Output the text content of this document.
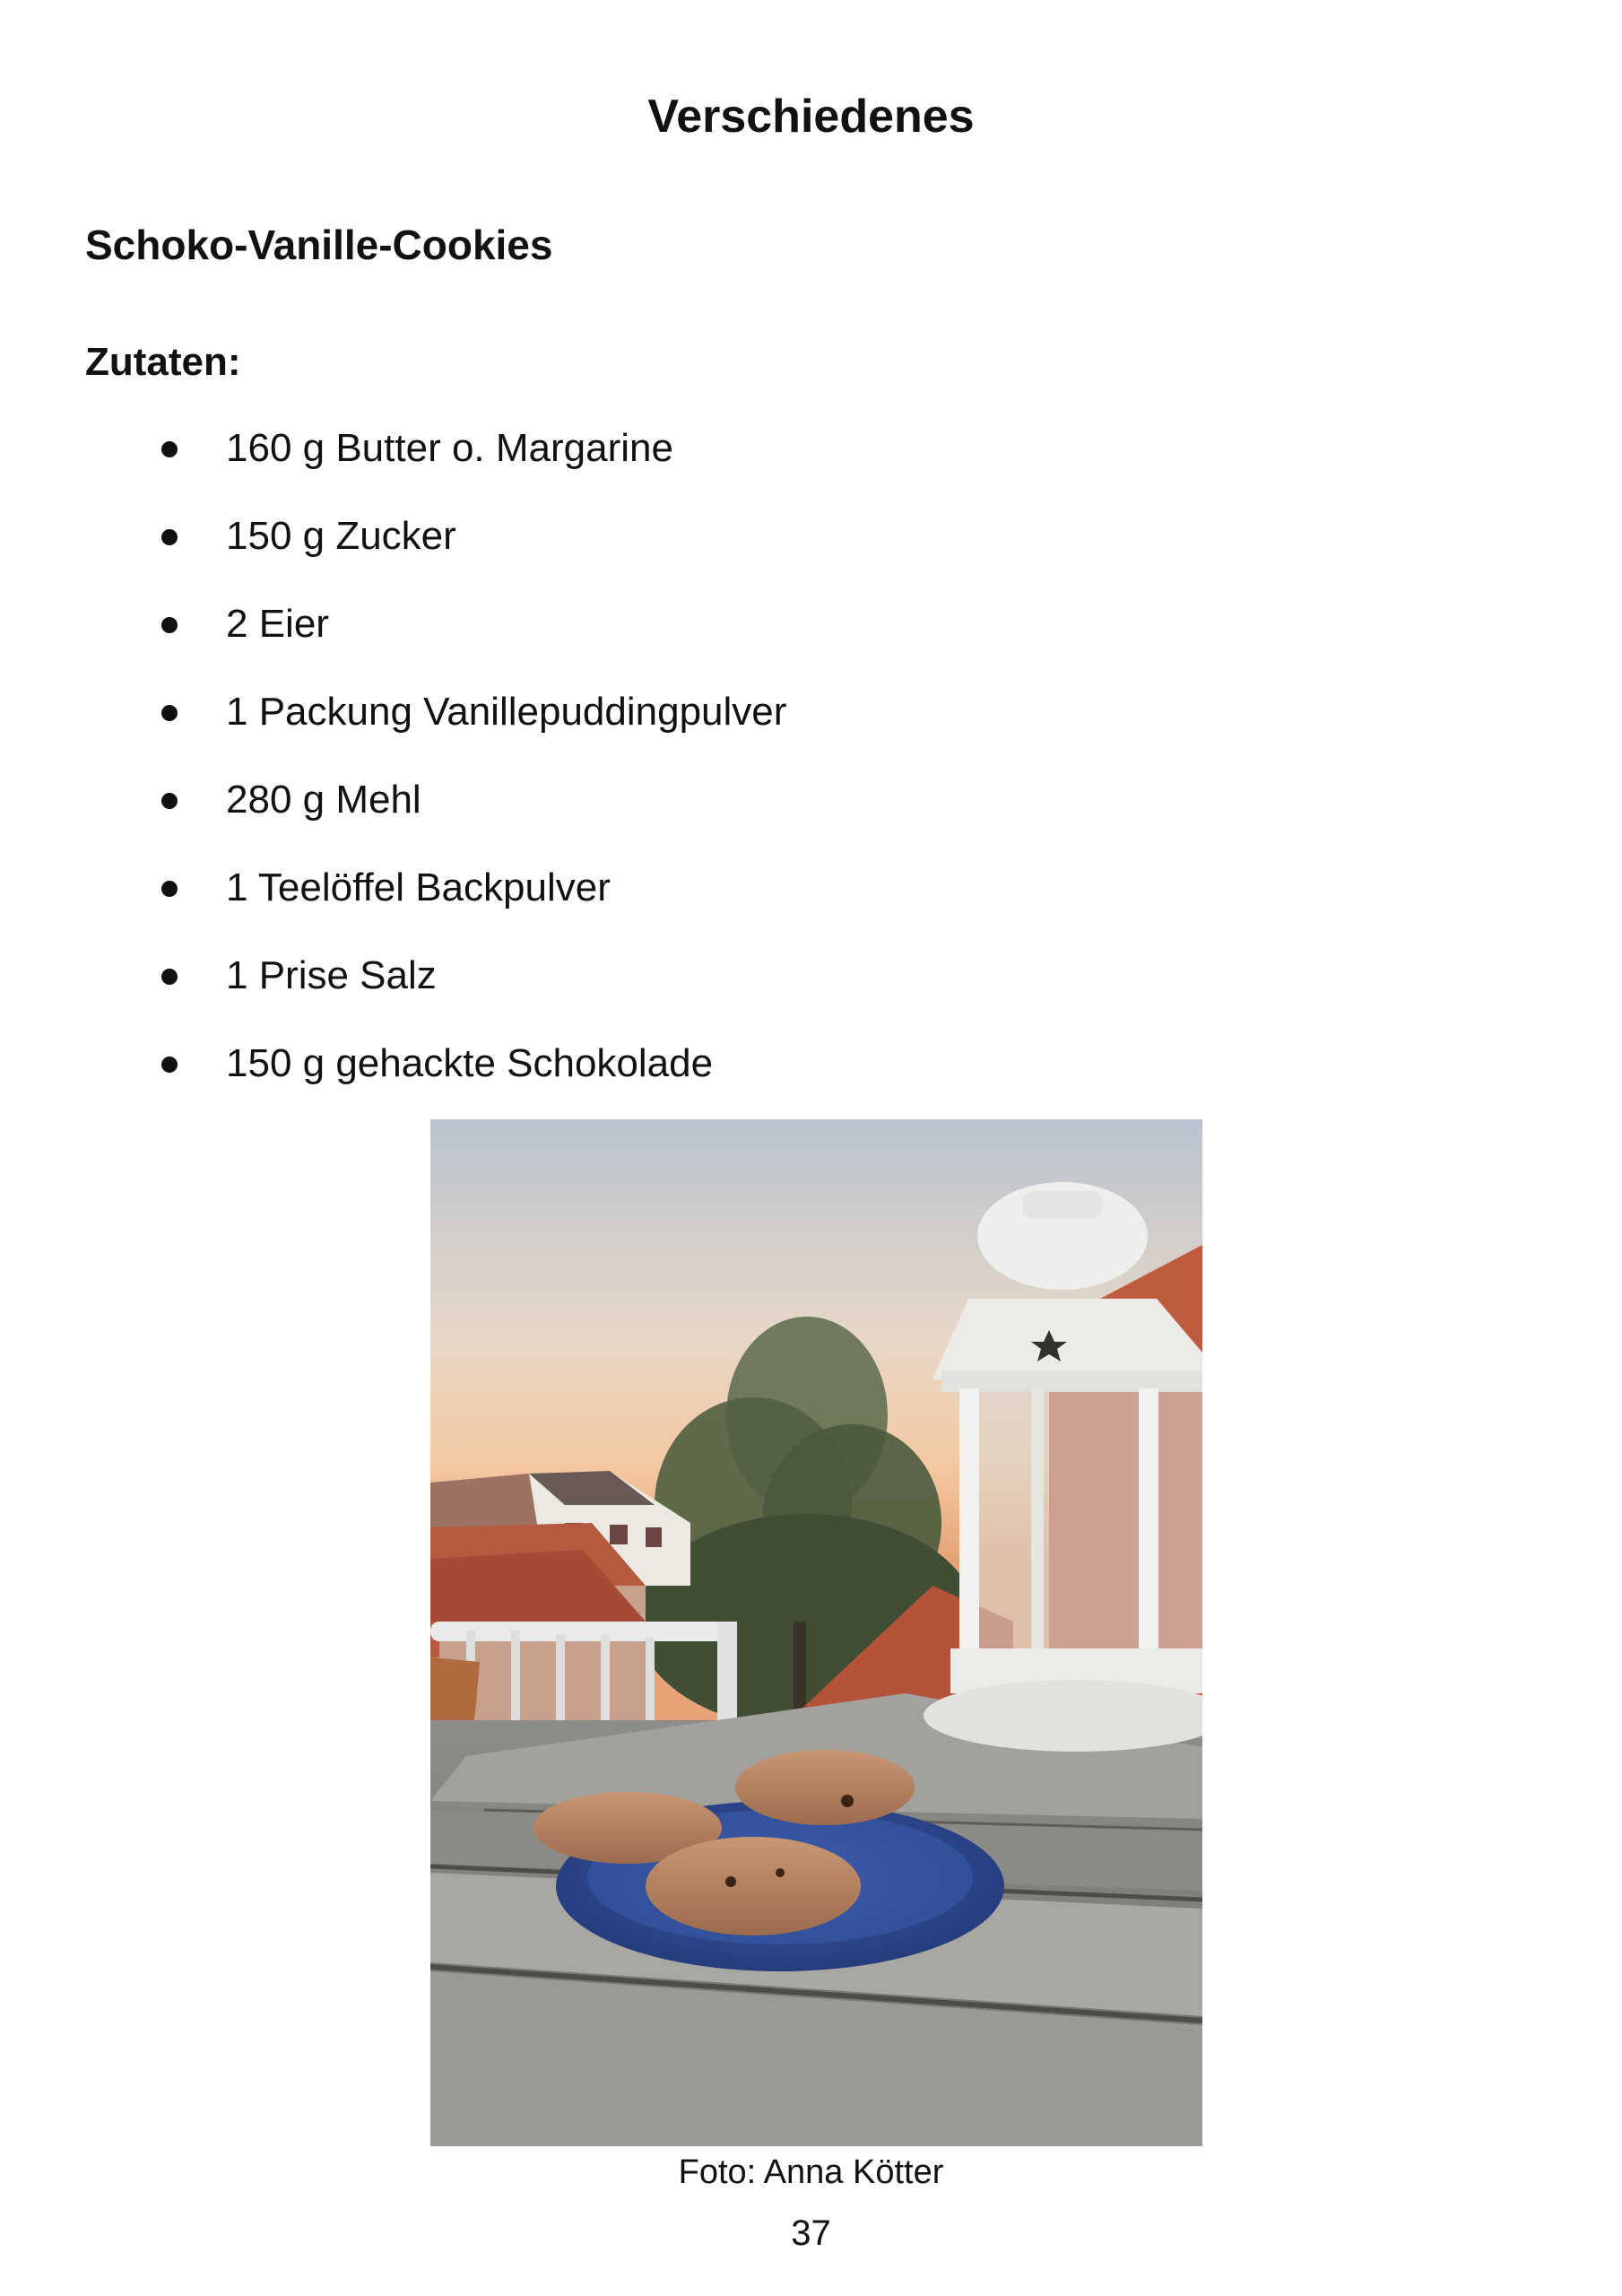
Verschiedenes
Schoko-Vanille-Cookies
Zutaten:
160 g Butter o. Margarine
150 g Zucker
2 Eier
1 Packung Vanillepuddingpulver
280 g Mehl
1 Teelöffel Backpulver
1 Prise Salz
150 g gehackte Schokolade
Foto: Anna Kötter
37
